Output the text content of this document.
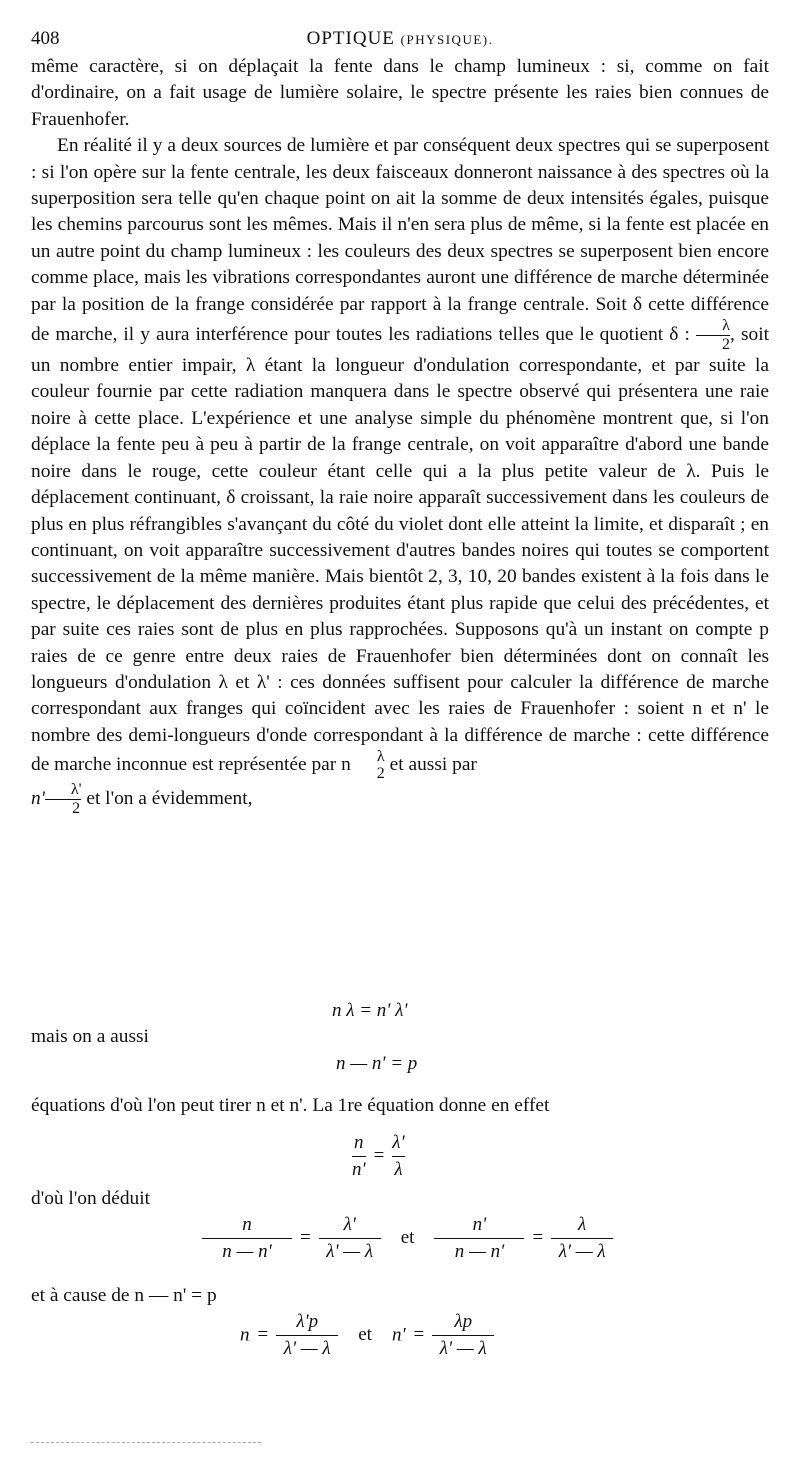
408	OPTIQUE (PHYSIQUE).

même caractère, si on déplaçait la fente dans le champ lumineux : si, comme on fait d'ordinaire, on a fait usage de lumière solaire, le spectre présente les raies bien connues de Frauenhofer.

En réalité il y a deux sources de lumière et par conséquent deux spectres qui se superposent : si l'on opère sur la fente centrale, les deux faisceaux donneront naissance à des spectres où la superposition sera telle qu'en chaque point on ait la somme de deux intensités égales, puisque les chemins parcourus sont les mêmes. Mais il n'en sera plus de même, si la fente est placée en un autre point du champ lumineux : les couleurs des deux spectres se superposent bien encore comme place, mais les vibrations correspondantes auront une différence de marche déterminée par la position de la frange considérée par rapport à la frange centrale. Soit δ cette différence de marche, il y aura interférence pour toutes les radiations telles que le quotient δ : $\frac{\lambda}{2}$ , soit un nombre entier impair, λ étant la longueur d'ondulation correspondante, et par suite la couleur fournie par cette radiation manquera dans le spectre observé qui présentera une raie noire à cette place. L'expérience et une analyse simple du phénomène montrent que, si l'on déplace la fente peu à peu à partir de la frange centrale, on voit apparaître d'abord une bande noire dans le rouge, cette couleur étant celle qui a la plus petite valeur de λ. Puis le déplacement continuant, δ croissant, la raie noire apparaît successivement dans les couleurs de plus en plus réfrangibles s'avançant du côté du violet dont elle atteint la limite, et disparaît ; en continuant, on voit apparaître successivement d'autres bandes noires qui toutes se comportent successivement de la même manière. Mais bientôt 2, 3, 10, 20 bandes existent à la fois dans le spectre, le déplacement des dernières produites étant plus rapide que celui des précédentes, et par suite ces raies sont de plus en plus rapprochées. Supposons qu'à un instant on compte p raies de ce genre entre deux raies de Frauenhofer bien déterminées dont on connaît les longueurs d'ondulation λ et λ' : ces données suffisent pour calculer la différence de marche correspondant aux franges qui coïncident avec les raies de Frauenhofer : soient n et n' le nombre des demi-longueurs d'onde correspondant à la différence de marche : cette différence de marche inconnue est représentée par n	λ
2 et aussi par
$n' \frac{\lambda'}{2}$ et l'on a évidemment,

n λ = n' λ'
mais on a aussi
n — n' = p
équations d'où l'on peut tirer n et n'. La 1re équation donne en effet
$\frac{n}{n'} = \frac{\lambda'}{\lambda}$
d'où l'on déduit
$\frac{n}{n — n'} = \frac{\lambda'}{\lambda' — \lambda}$ et $\frac{n'}{n — n'} = \frac{\lambda}{\lambda' — \lambda}$
et à cause de n — n' = p
$n = \frac{\lambda'p}{\lambda' — \lambda}$ et $n' = \frac{\lambda p}{\lambda' — \lambda}$
